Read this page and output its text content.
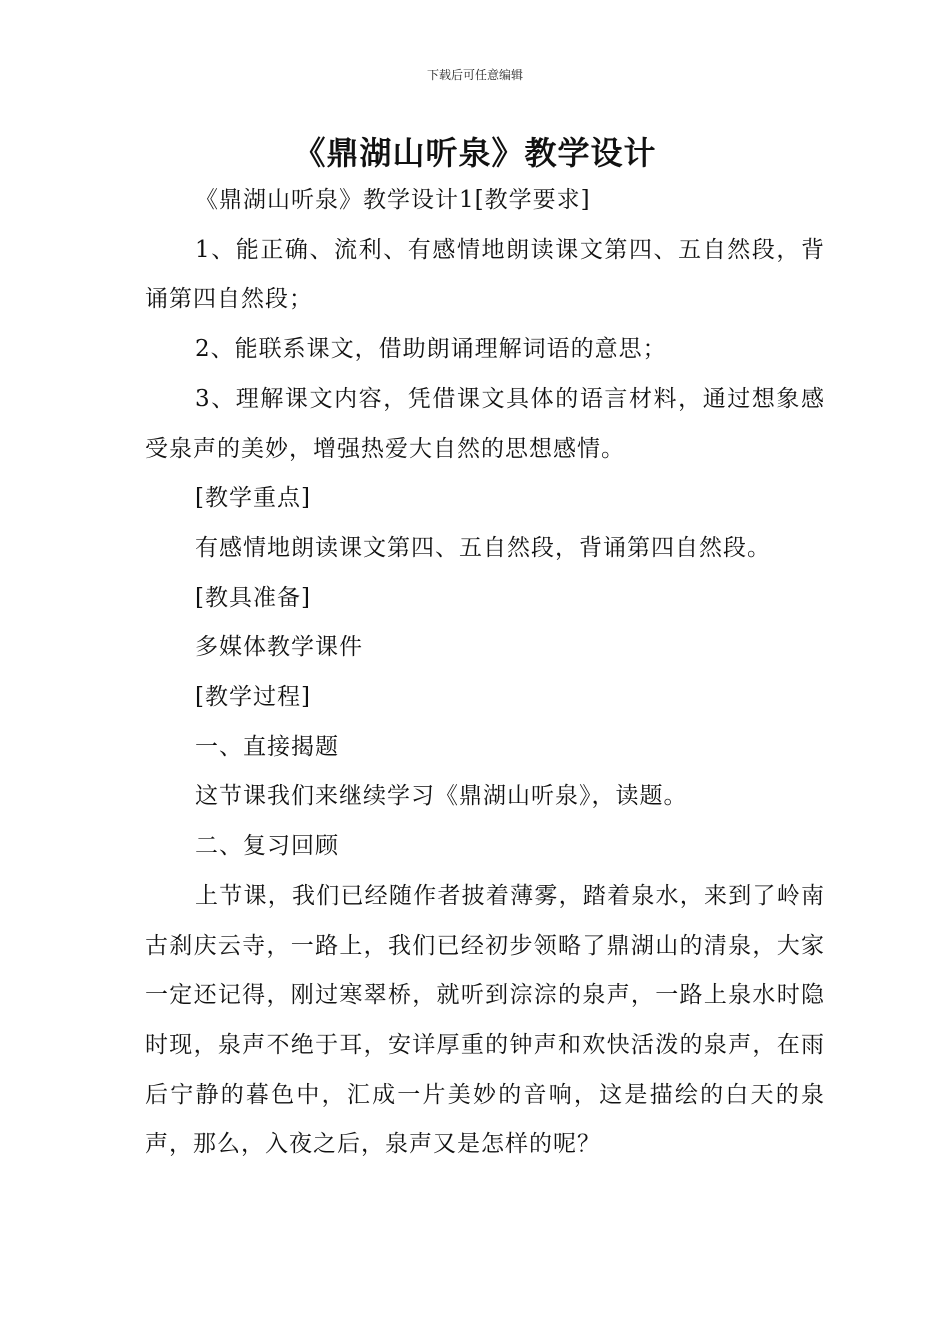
下载后可任意编辑
《鼎湖山听泉》教学设计

《鼎湖山听泉》教学设计1[教学要求]

1、能正确、流利、有感情地朗读课文第四、五自然段，背诵第四自然段；

2、能联系课文，借助朗诵理解词语的意思；

3、理解课文内容，凭借课文具体的语言材料，通过想象感受泉声的美妙，增强热爱大自然的思想感情。

[教学重点]

有感情地朗读课文第四、五自然段，背诵第四自然段。

[教具准备]

多媒体教学课件

[教学过程]

一、直接揭题

这节课我们来继续学习《鼎湖山听泉》，读题。

二、复习回顾

上节课，我们已经随作者披着薄雾，踏着泉水，来到了岭南古刹庆云寺，一路上，我们已经初步领略了鼎湖山的清泉，大家一定还记得，刚过寒翠桥，就听到淙淙的泉声，一路上泉水时隐时现，泉声不绝于耳，安详厚重的钟声和欢快活泼的泉声，在雨后宁静的暮色中，汇成一片美妙的音响，这是描绘的白天的泉声，那么，入夜之后，泉声又是怎样的呢？
